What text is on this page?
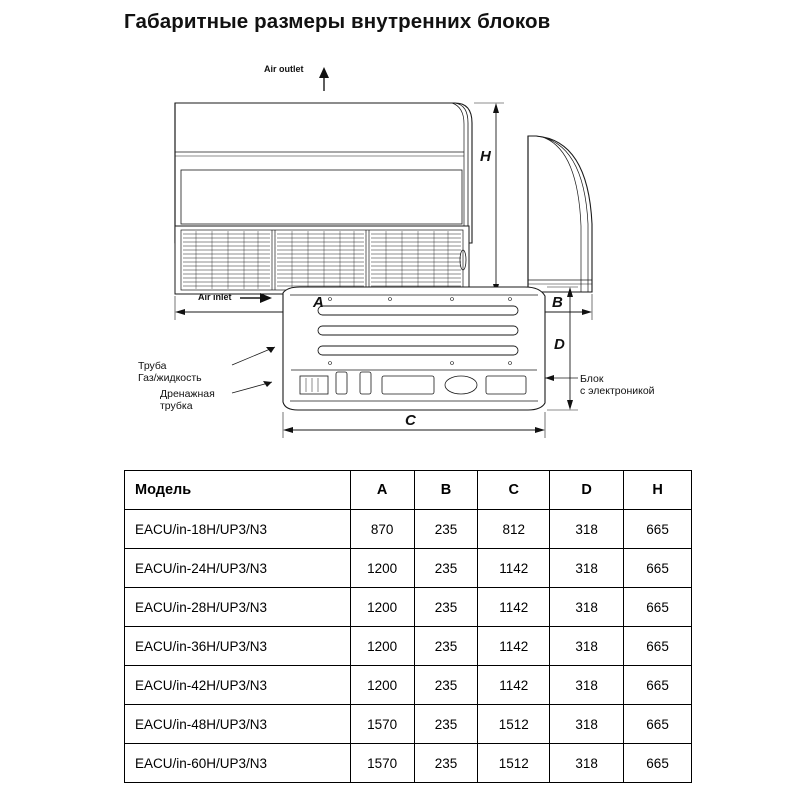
Габаритные размеры внутренних блоков
Air outlet
Air inlet	A	B
C
D
H
Труба
Газ/жидкость
Дренажная
трубка
Блок
с электроникой
Модель	A	B	C	D	H
EACU/in-18H/UP3/N3	870	235	812	318	665
EACU/in-24H/UP3/N3	1200	235	1142	318	665
EACU/in-28H/UP3/N3	1200	235	1142	318	665
EACU/in-36H/UP3/N3	1200	235	1142	318	665
EACU/in-42H/UP3/N3	1200	235	1142	318	665
EACU/in-48H/UP3/N3	1570	235	1512	318	665
EACU/in-60H/UP3/N3	1570	235	1512	318	665
